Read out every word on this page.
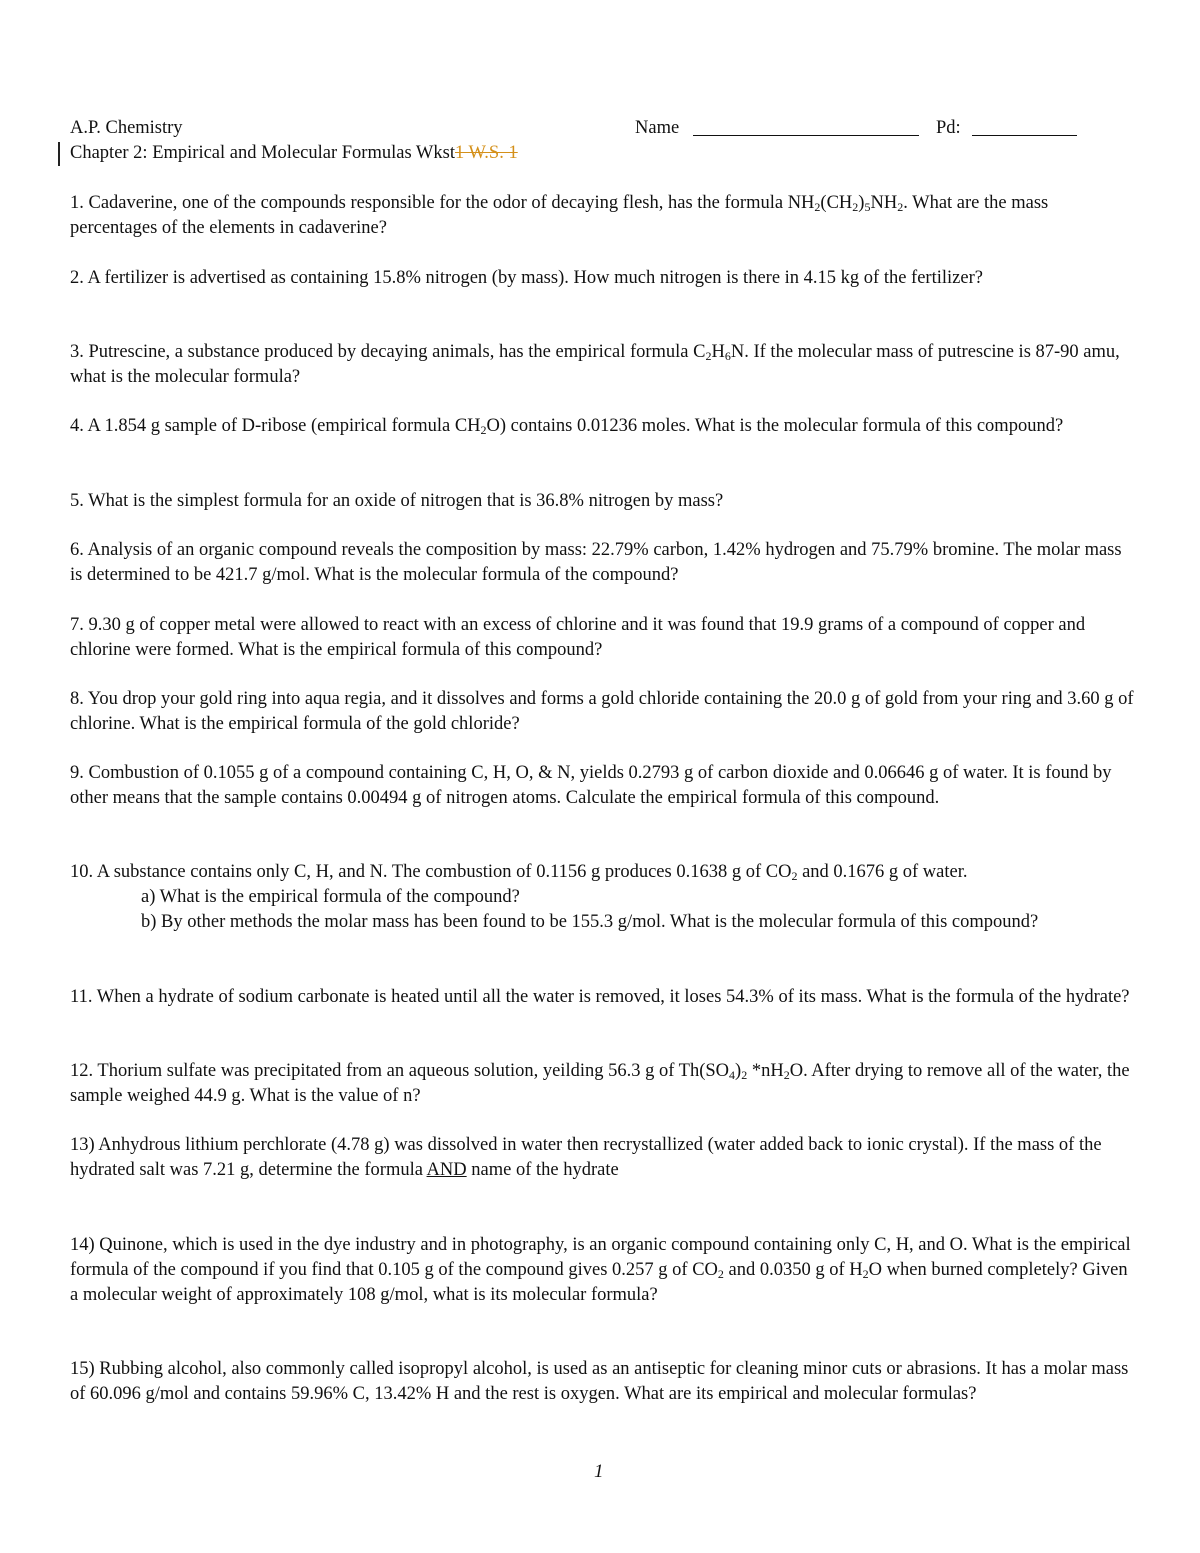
A.P. Chemistry	Name	Pd:
Chapter 2: Empirical and Molecular Formulas Wkst1 W.S. 1

1. Cadaverine, one of the compounds responsible for the odor of decaying flesh, has the formula $NH_2(CH_2)_5NH_2$. What are the mass percentages of the elements in cadaverine?

2. A fertilizer is advertised as containing 15.8% nitrogen (by mass). How much nitrogen is there in 4.15 kg of the fertilizer?

3. Putrescine, a substance produced by decaying animals, has the empirical formula $C_2H_6N$. If the molecular mass of putrescine is 87-90 amu, what is the molecular formula?

4. A 1.854 g sample of D-ribose (empirical formula $CH_2O$) contains 0.01236 moles. What is the molecular formula of this compound?

5. What is the simplest formula for an oxide of nitrogen that is 36.8% nitrogen by mass?

6. Analysis of an organic compound reveals the composition by mass: 22.79% carbon, 1.42% hydrogen and 75.79% bromine. The molar mass is determined to be 421.7 g/mol. What is the molecular formula of the compound?

7. 9.30 g of copper metal were allowed to react with an excess of chlorine and it was found that 19.9 grams of a compound of copper and chlorine were formed. What is the empirical formula of this compound?

8. You drop your gold ring into aqua regia, and it dissolves and forms a gold chloride containing the 20.0 g of gold from your ring and 3.60 g of chlorine. What is the empirical formula of the gold chloride?

9. Combustion of 0.1055 g of a compound containing C, H, O, & N, yields 0.2793 g of carbon dioxide and 0.06646 g of water. It is found by other means that the sample contains 0.00494 g of nitrogen atoms. Calculate the empirical formula of this compound.

10. A substance contains only C, H, and N. The combustion of 0.1156 g produces 0.1638 g of $CO_2$ and 0.1676 g of water.
a) What is the empirical formula of the compound?
b) By other methods the molar mass has been found to be 155.3 g/mol. What is the molecular formula of this compound?

11. When a hydrate of sodium carbonate is heated until all the water is removed, it loses 54.3% of its mass. What is the formula of the hydrate?

12. Thorium sulfate was precipitated from an aqueous solution, yeilding 56.3 g of $Th(SO_4)_2$ $*nH_2O$. After drying to remove all of the water, the sample weighed 44.9 g. What is the value of n?

13) Anhydrous lithium perchlorate (4.78 g) was dissolved in water then recrystallized (water added back to ionic crystal). If the mass of the hydrated salt was 7.21 g, determine the formula AND name of the hydrate

14) Quinone, which is used in the dye industry and in photography, is an organic compound containing only C, H, and O. What is the empirical formula of the compound if you find that 0.105 g of the compound gives 0.257 g of $CO_2$ and 0.0350 g of $H_2O$ when burned completely? Given a molecular weight of approximately 108 g/mol, what is its molecular formula?

15) Rubbing alcohol, also commonly called isopropyl alcohol, is used as an antiseptic for cleaning minor cuts or abrasions. It has a molar mass of 60.096 g/mol and contains 59.96% C, 13.42% H and the rest is oxygen. What are its empirical and molecular formulas?

1
